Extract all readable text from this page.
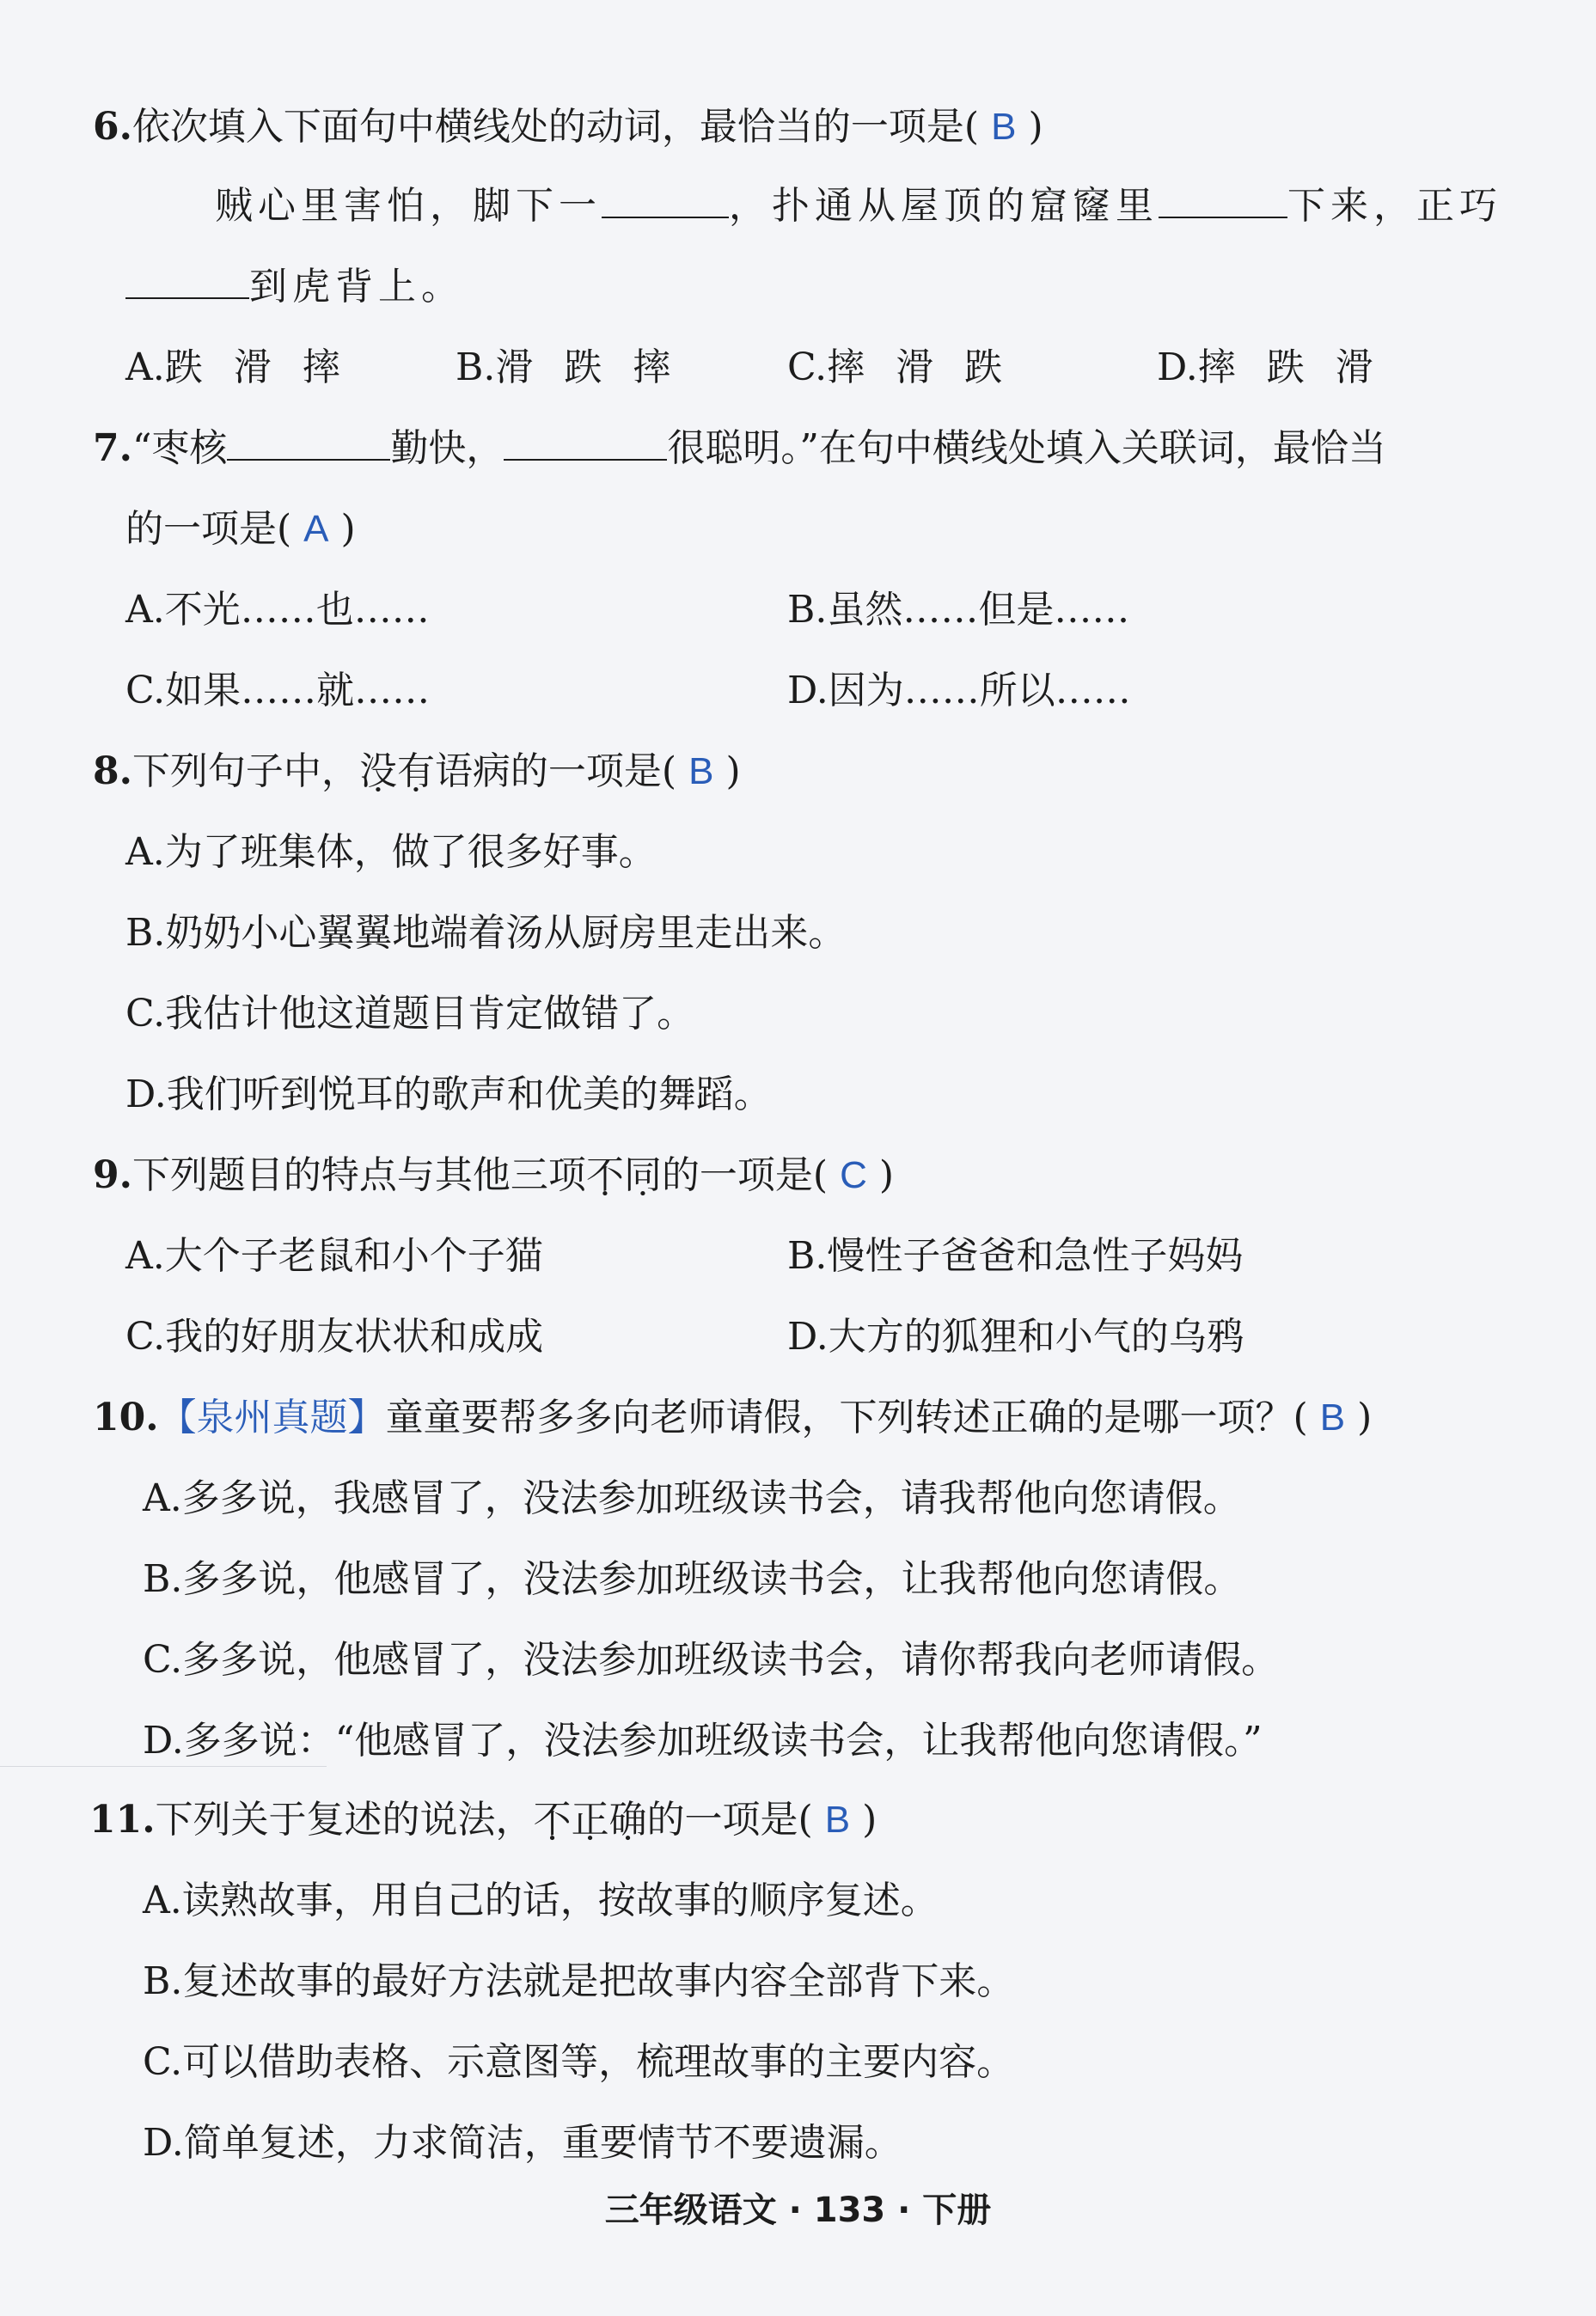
6.依次填入下面句中横线处的动词，最恰当的一项是( B )
贼心里害怕，脚下一	，扑通从屋顶的窟窿里	下来，正巧
到虎背上。
A.跌 滑 摔	B.滑 跌 摔	C.摔 滑 跌	D.摔 跌 滑
7.“枣核	勤快，	很聪明。”在句中横线处填入关联词，最恰当
的一项是( A )
A.不光……也……	B.虽然……但是……
C.如果……就……	D.因为……所以……
8.下列句子中，没有语病的一项是( B )
A.为了班集体，做了很多好事。
B.奶奶小心翼翼地端着汤从厨房里走出来。
C.我估计他这道题目肯定做错了。
D.我们听到悦耳的歌声和优美的舞蹈。
9.下列题目的特点与其他三项不同的一项是( C )
A.大个子老鼠和小个子猫	B.慢性子爸爸和急性子妈妈
C.我的好朋友状状和成成	D.大方的狐狸和小气的乌鸦
10.【泉州真题】童童要帮多多向老师请假，下列转述正确的是哪一项？( B )
A.多多说，我感冒了，没法参加班级读书会，请我帮他向您请假。
B.多多说，他感冒了，没法参加班级读书会，让我帮他向您请假。
C.多多说，他感冒了，没法参加班级读书会，请你帮我向老师请假。
D.多多说：“他感冒了，没法参加班级读书会，让我帮他向您请假。”
11.下列关于复述的说法，不正确的一项是( B )
A.读熟故事，用自己的话，按故事的顺序复述。
B.复述故事的最好方法就是把故事内容全部背下来。
C.可以借助表格、示意图等，梳理故事的主要内容。
D.简单复述，力求简洁，重要情节不要遗漏。
三年级语文 · 133 · 下册
